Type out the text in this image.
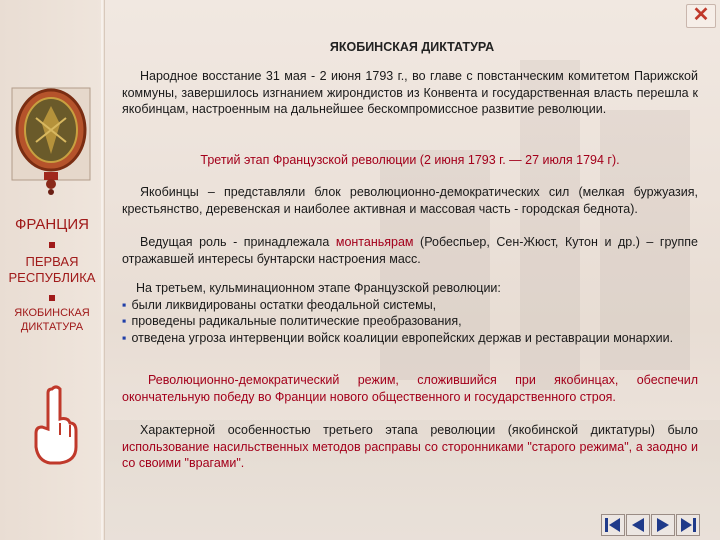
✕
ФРАНЦИЯ
ПЕРВАЯ РЕСПУБЛИКА
ЯКОБИНСКАЯ ДИКТАТУРА
ЯКОБИНСКАЯ ДИКТАТУРА
Народное восстание 31 мая - 2 июня 1793 г., во главе с повстанческим комитетом Парижской коммуны, завершилось изгнанием жирондистов из Конвента и государственная власть перешла к якобинцам, настроенным на дальнейшее бескомпромиссное развитие революции.
Третий этап Французской революции (2 июня 1793 г. — 27 июля 1794 г).
Якобинцы – представляли блок революционно-демократических сил (мелкая буржуазия, крестьянство, деревенская и наиболее активная и массовая часть - городская беднота).
Ведущая роль - принадлежала монтаньярам (Робеспьер, Сен-Жюст, Кутон и др.) – группе отражавшей интересы бунтарски настроения масс.
На третьем, кульминационном этапе Французской революции:
▪ были ликвидированы остатки феодальной системы,
▪ проведены радикальные политические преобразования,
▪ отведена угроза интервенции войск коалиции европейских держав и реставрации монархии.
Революционно-демократический режим, сложившийся при якобинцах, обеспечил окончательную победу во Франции нового общественного и государственного строя.
Характерной особенностью третьего этапа революции (якобинской диктатуры) было использование насильственных методов расправы со сторонниками "старого режима", а заодно и со своими "врагами".
